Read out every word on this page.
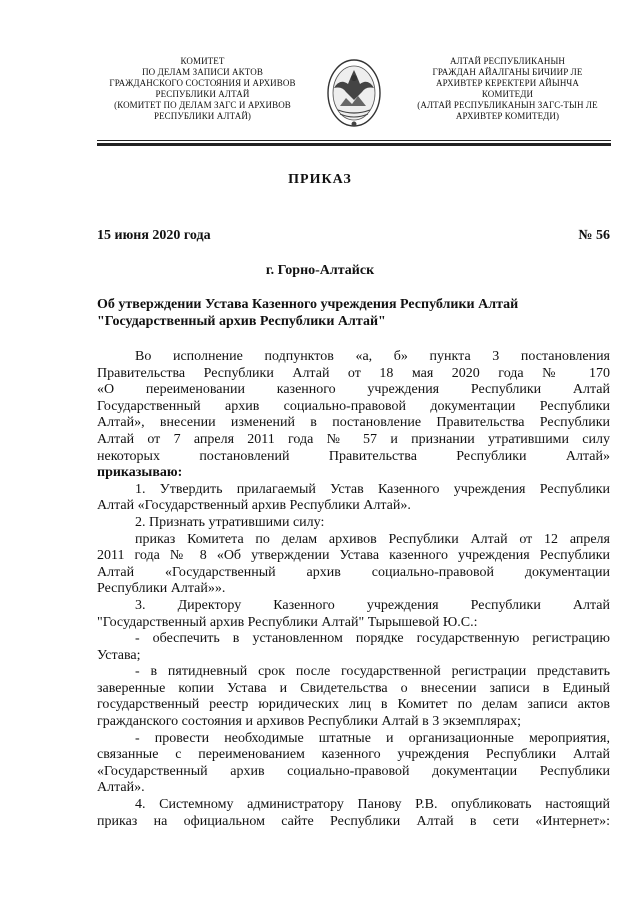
КОМИТЕТ
ПО ДЕЛАМ ЗАПИСИ АКТОВ
ГРАЖДАНСКОГО СОСТОЯНИЯ И АРХИВОВ
РЕСПУБЛИКИ АЛТАЙ
(КОМИТЕТ ПО ДЕЛАМ ЗАГС И АРХИВОВ
РЕСПУБЛИКИ АЛТАЙ)
АЛТАЙ РЕСПУБЛИКАНЫН
ГРАЖДАН АЙАЛГАНЫ БИЧИИР ЛЕ
АРХИВТЕР КЕРЕКТЕРИ АЙЫНЧА
КОМИТЕДИ
(АЛТАЙ РЕСПУБЛИКАНЫН ЗАГС-ТЫН ЛЕ
АРХИВТЕР КОМИТЕДИ)
ПРИКАЗ
15 июня 2020 года	№ 56
г. Горно-Алтайск
Об утверждении Устава Казенного учреждения Республики Алтай
"Государственный архив Республики Алтай"
Во исполнение подпунктов «а, б» пункта 3 постановления
Правительства Республики Алтай от 18 мая 2020 года № 170
«О переименовании казенного учреждения Республики Алтай
Государственный архив социально-правовой документации Республики
Алтай», внесении изменений в постановление Правительства Республики
Алтай от 7 апреля 2011 года № 57 и признании утратившими силу
некоторых постановлений Правительства Республики Алтай»
приказываю:
1. Утвердить прилагаемый Устав Казенного учреждения Республики
Алтай «Государственный архив Республики Алтай».
2. Признать утратившими силу:
приказ Комитета по делам архивов Республики Алтай от 12 апреля
2011 года № 8 «Об утверждении Устава казенного учреждения Республики
Алтай «Государственный архив социально-правовой документации
Республики Алтай»».
3. Директору Казенного учреждения Республики Алтай
"Государственный архив Республики Алтай" Тырышевой Ю.С.:
- обеспечить в установленном порядке государственную регистрацию
Устава;
- в пятидневный срок после государственной регистрации представить
заверенные копии Устава и Свидетельства о внесении записи в Единый
государственный реестр юридических лиц в Комитет по делам записи актов
гражданского состояния и архивов Республики Алтай в 3 экземплярах;
- провести необходимые штатные и организационные мероприятия,
связанные с переименованием казенного учреждения Республики Алтай
«Государственный архив социально-правовой документации Республики
Алтай».
4. Системному администратору Панову Р.В. опубликовать настоящий
приказ на официальном сайте Республики Алтай в сети «Интернет»:
